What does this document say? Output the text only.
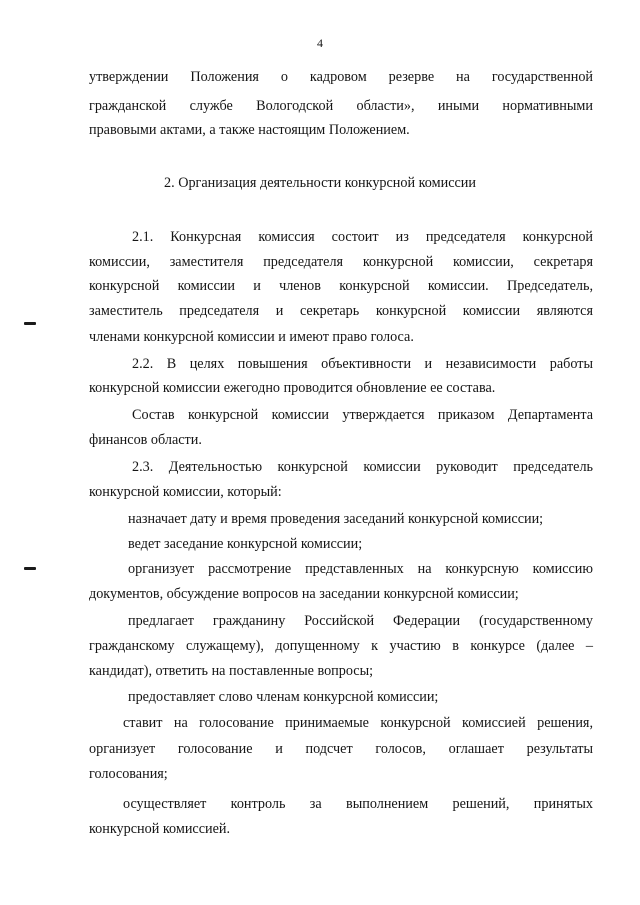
4
утверждении Положения о кадровом резерве на государственной
гражданской службе Вологодской области», иными нормативными
правовыми актами, а также настоящим Положением.
2. Организация деятельности конкурсной комиссии
2.1. Конкурсная комиссия состоит из председателя конкурсной
комиссии, заместителя председателя конкурсной комиссии, секретаря
конкурсной комиссии и членов конкурсной комиссии. Председатель,
заместитель председателя и секретарь конкурсной комиссии являются
членами конкурсной комиссии и имеют право голоса.
2.2. В целях повышения объективности и независимости работы
конкурсной комиссии ежегодно проводится обновление ее состава.
Состав конкурсной комиссии утверждается приказом Департамента
финансов области.
2.3. Деятельностью конкурсной комиссии руководит председатель
конкурсной комиссии, который:
назначает дату и время проведения заседаний конкурсной комиссии;
ведет заседание конкурсной комиссии;
организует рассмотрение представленных на конкурсную комиссию
документов, обсуждение вопросов на заседании конкурсной комиссии;
предлагает гражданину Российской Федерации (государственному
гражданскому служащему), допущенному к участию в конкурсе (далее –
кандидат), ответить на поставленные вопросы;
предоставляет слово членам конкурсной комиссии;
ставит на голосование принимаемые конкурсной комиссией решения,
организует голосование и подсчет голосов, оглашает результаты
голосования;
осуществляет контроль за выполнением решений, принятых
конкурсной комиссией.
